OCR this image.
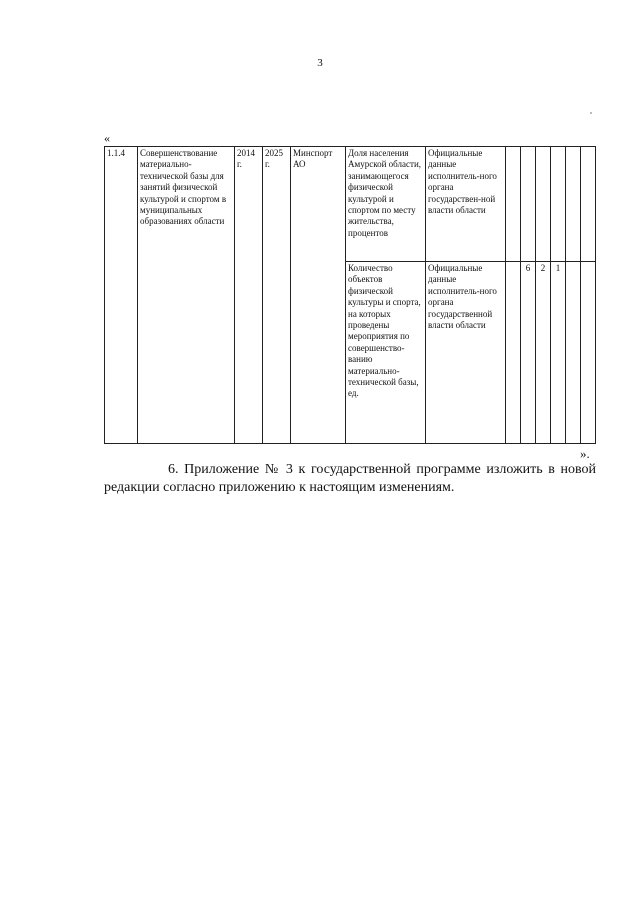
3
«
1.1.4	Совершенствование материально-технической базы для занятий физической культурой и спортом в муниципальных образованиях области	2014 г.	2025 г.	Минспорт АО	Доля населения Амурской области, занимающегося физической культурой и спортом по месту жительства, процентов	Официальные данные исполнитель-ного органа государствен-ной власти области						
					Количество объектов физической культуры и спорта, на которых проведены мероприятия по совершенство-ванию материально-технической базы, ед.	Официальные данные исполнитель-ного органа государственной власти области		6	2	1		
».
6. Приложение № 3 к государственной программе изложить в новой
редакции согласно приложению к настоящим изменениям.
